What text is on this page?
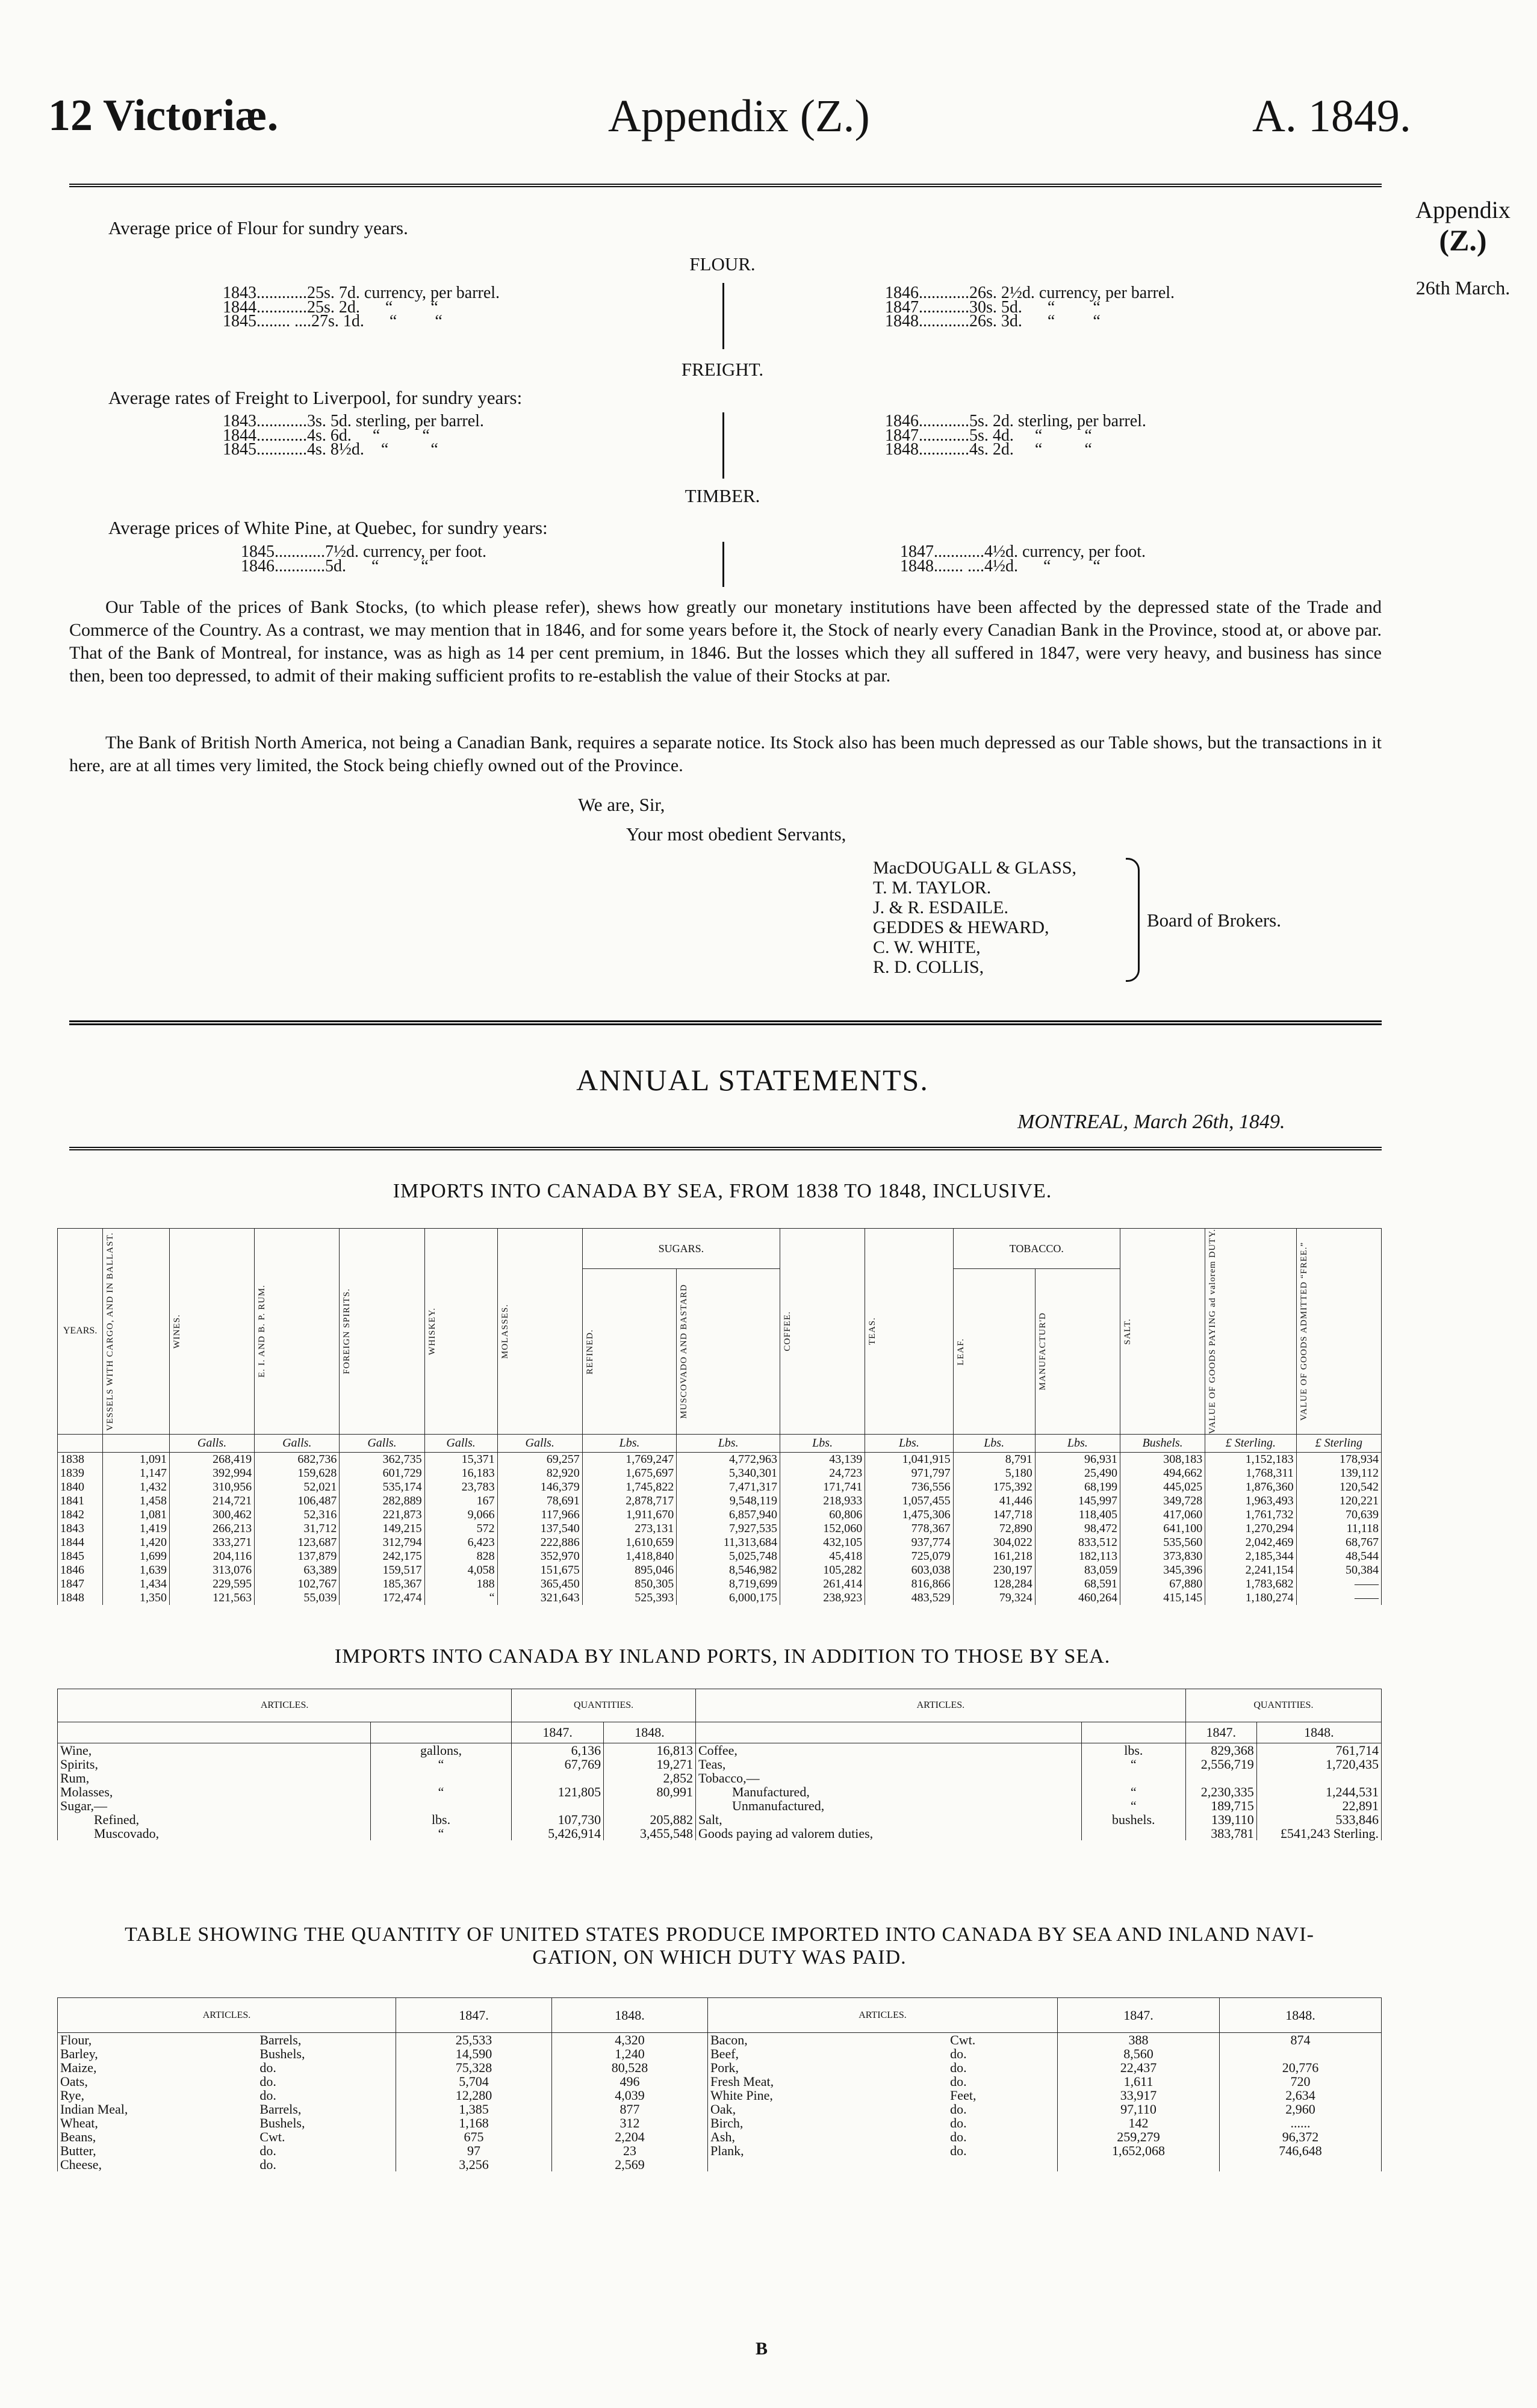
12 Victoriæ.	Appendix (Z.)	A. 1849.
Appendix
(Z.)
26th March.
Average price of Flour for sundry years.
FLOUR.
1843............25s. 7d. currency, per barrel.
1844............25s. 2d.      “         “
1845........ ....27s. 1d.      “         “
1846............26s. 2½d. currency, per barrel.
1847............30s. 5d.      “         “
1848............26s. 3d.      “         “
FREIGHT.
Average rates of Freight to Liverpool, for sundry years:
1843............3s. 5d. sterling, per barrel.
1844............4s. 6d.     “          “
1845............4s. 8½d.    “          “
1846............5s. 2d. sterling, per barrel.
1847............5s. 4d.     “          “
1848............4s. 2d.     “          “
TIMBER.
Average prices of White Pine, at Quebec, for sundry years:
1845............7½d. currency, per foot.
1846............5d.      “          “
1847............4½d. currency, per foot.
1848....... ....4½d.      “          “
Our Table of the prices of Bank Stocks, (to which please refer), shews how greatly our monetary institutions have been affected by the depressed state of the Trade and Commerce of the Country. As a contrast, we may mention that in 1846, and for some years before it, the Stock of nearly every Canadian Bank in the Province, stood at, or above par. That of the Bank of Montreal, for instance, was as high as 14 per cent premium, in 1846. But the losses which they all suffered in 1847, were very heavy, and business has since then, been too depressed, to admit of their making sufficient profits to re-establish the value of their Stocks at par.
The Bank of British North America, not being a Canadian Bank, requires a separate notice. Its Stock also has been much depressed as our Table shows, but the transactions in it here, are at all times very limited, the Stock being chiefly owned out of the Province.
We are, Sir,
Your most obedient Servants,
MacDOUGALL & GLASS,
T. M. TAYLOR.
J. & R. ESDAILE.
GEDDES & HEWARD,
C. W. WHITE,
R. D. COLLIS,
Board of Brokers.
ANNUAL STATEMENTS.
MONTREAL, March 26th, 1849.
IMPORTS INTO CANADA BY SEA, FROM 1838 TO 1848, INCLUSIVE.
YEARS.	VESSELS WITH CARGO, AND IN BALLAST.	WINES.	E. I. AND B. P. RUM.	FOREIGN SPIRITS.	WHISKEY.	MOLASSES.	SUGARS.		COFFEE.	TEAS.	TOBACCO.		SALT.	VALUE OF GOODS PAYING ad valorem DUTY.	VALUE OF GOODS ADMITTED “FREE.”

							REFINED.	MUSCOVADO AND BASTARD			LEAF.	MANUFACTUR'D			

		Galls.	Galls.	Galls.	Galls.	Galls.	Lbs.	Lbs.	Lbs.	Lbs.	Lbs.	Lbs.	Bushels.	£ Sterling.	£ Sterling
1838	1,091	268,419	682,736	362,735	15,371	69,257	1,769,247	4,772,963	43,139	1,041,915	8,791	96,931	308,183	1,152,183	178,934
1839	1,147	392,994	159,628	601,729	16,183	82,920	1,675,697	5,340,301	24,723	971,797	5,180	25,490	494,662	1,768,311	139,112
1840	1,432	310,956	52,021	535,174	23,783	146,379	1,745,822	7,471,317	171,741	736,556	175,392	68,199	445,025	1,876,360	120,542
1841	1,458	214,721	106,487	282,889	167	78,691	2,878,717	9,548,119	218,933	1,057,455	41,446	145,997	349,728	1,963,493	120,221
1842	1,081	300,462	52,316	221,873	9,066	117,966	1,911,670	6,857,940	60,806	1,475,306	147,718	118,405	417,060	1,761,732	70,639
1843	1,419	266,213	31,712	149,215	572	137,540	273,131	7,927,535	152,060	778,367	72,890	98,472	641,100	1,270,294	11,118
1844	1,420	333,271	123,687	312,794	6,423	222,886	1,610,659	11,313,684	432,105	937,774	304,022	833,512	535,560	2,042,469	68,767
1845	1,699	204,116	137,879	242,175	828	352,970	1,418,840	5,025,748	45,418	725,079	161,218	182,113	373,830	2,185,344	48,544
1846	1,639	313,076	63,389	159,517	4,058	151,675	895,046	8,546,982	105,282	603,038	230,197	83,059	345,396	2,241,154	50,384
1847	1,434	229,595	102,767	185,367	188	365,450	850,305	8,719,699	261,414	816,866	128,284	68,591	67,880	1,783,682	——
1848	1,350	121,563	55,039	172,474	“	321,643	525,393	6,000,175	238,923	483,529	79,324	460,264	415,145	1,180,274	——
IMPORTS INTO CANADA BY INLAND PORTS, IN ADDITION TO THOSE BY SEA.
ARTICLES.		QUANTITIES.		ARTICLES.		QUANTITIES.	
		1847.	1848.			1847.	1848.
Wine,	gallons,	6,136	16,813	Coffee,	lbs.	829,368	761,714
Spirits,	“	67,769	19,271	Teas,	“	2,556,719	1,720,435
Rum,			2,852	Tobacco,—			
Molasses,	“	121,805	80,991	Manufactured,	“	2,230,335	1,244,531
Sugar,—				Unmanufactured,	“	189,715	22,891
Refined,	lbs.	107,730	205,882	Salt,	bushels.	139,110	533,846
Muscovado,	“	5,426,914	3,455,548	Goods paying ad valorem duties,		383,781	£541,243 Sterling.
TABLE SHOWING THE QUANTITY OF UNITED STATES PRODUCE IMPORTED INTO CANADA BY SEA AND INLAND NAVI-
GATION, ON WHICH DUTY WAS PAID.
ARTICLES.		1847.	1848.	ARTICLES.		1847.	1848.
Flour,	Barrels,	25,533	4,320	Bacon,	Cwt.	388	874
Barley,	Bushels,	14,590	1,240	Beef,	do.	8,560	
Maize,	do.	75,328	80,528	Pork,	do.	22,437	20,776
Oats,	do.	5,704	496	Fresh Meat,	do.	1,611	720
Rye,	do.	12,280	4,039	White Pine,	Feet,	33,917	2,634
Indian Meal,	Barrels,	1,385	877	Oak,	do.	97,110	2,960
Wheat,	Bushels,	1,168	312	Birch,	do.	142	......
Beans,	Cwt.	675	2,204	Ash,	do.	259,279	96,372
Butter,	do.	97	23	Plank,	do.	1,652,068	746,648
Cheese,	do.	3,256	2,569				
B
